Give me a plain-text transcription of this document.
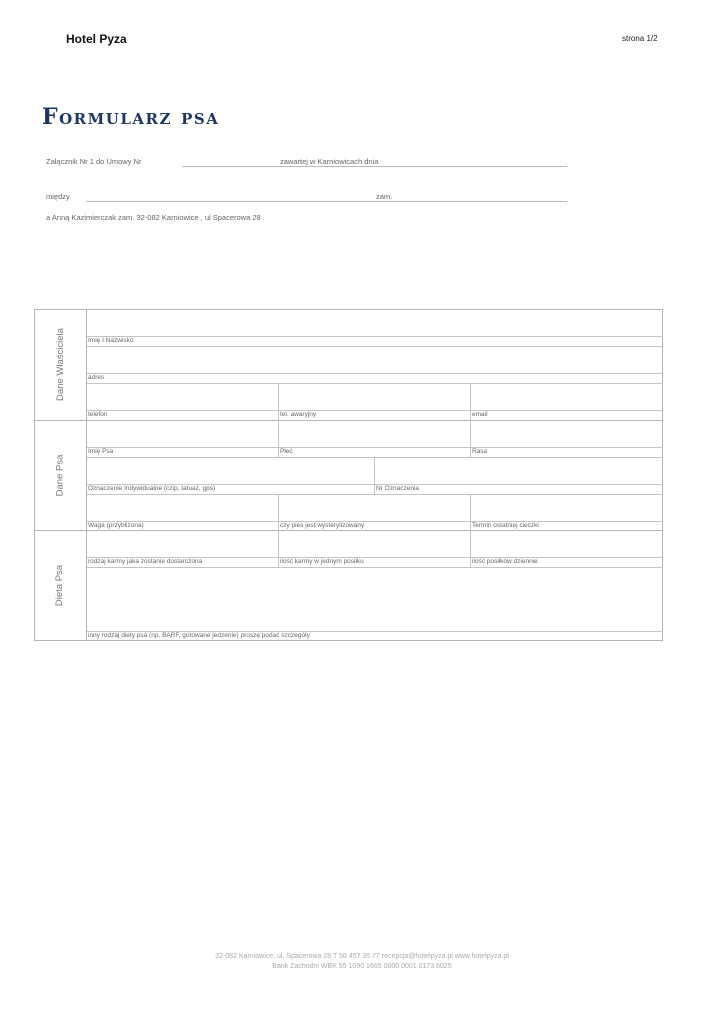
Hotel Pyza	strona 1/2
Formularz psa
Załącznik Nr 1 do Umowy Nr	zawartej w Karniowicach dnia
między	zam.
a Anną Kazimierczak zam. 32-082 Karniowice , ul Spacerowa 28
Dane Właściciela	Imię I Nazwisko
adres
telefon	tel. awaryjny	email
Dane Psa
Imię Psa	Płeć	Rasa
Oznaczenie Indywidualne (czip, tatuaż, gps)	Nr Oznaczenia
Waga (przybliżona)	czy pies jest wysterylizowany	Termin ostatniej cieczki
Dieta Psa
rodzaj karmy jaka zostanie dostarczona	ilość karmy w jednym posiłku	ilość posiłków dziennie
inny rodzaj diety psa (np. BARF, gotowane jedzenie) proszę podać szczegóły
32-082 Karniowice, ul. Spacerowa 28 T 50 457 35 77 recepcja@hotelpyza.pl www.hotelpyza.pl
Bank Zachodni WBK 55 1090 1665 0000 0001 0173 6025
